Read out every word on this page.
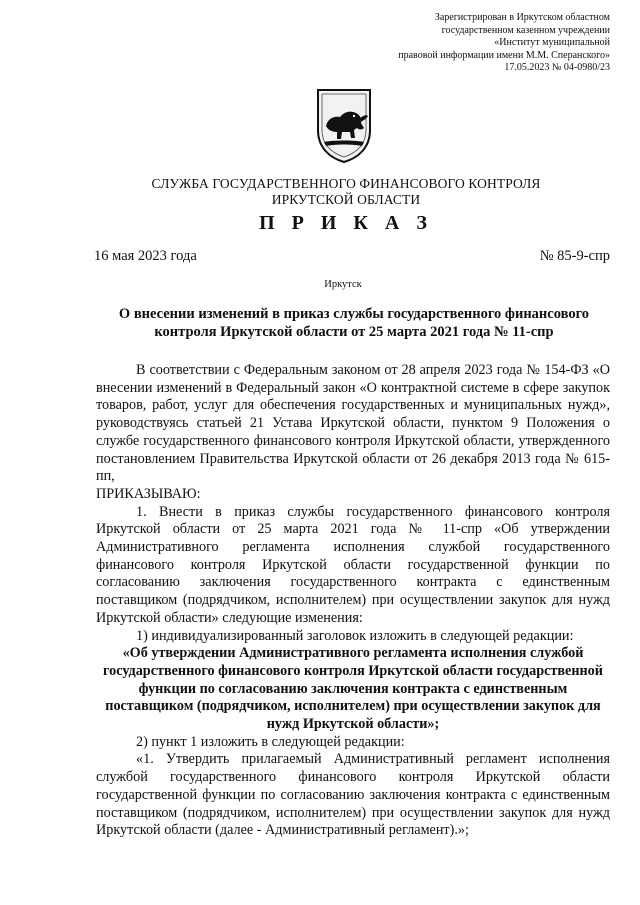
Зарегистрирован в Иркутском областном
государственном казенном учреждении
«Институт муниципальной
правовой информации имени М.М. Сперанского»
17.05.2023 № 04-0980/23
СЛУЖБА ГОСУДАРСТВЕННОГО ФИНАНСОВОГО КОНТРОЛЯ
ИРКУТСКОЙ ОБЛАСТИ
П Р И К А З
16 мая 2023 года	№ 85-9-спр
Иркутск
О внесении изменений в приказ службы государственного финансового контроля Иркутской области от 25 марта 2021 года № 11-спр

В соответствии с Федеральным законом от 28 апреля 2023 года № 154-ФЗ «О внесении изменений в Федеральный закон «О контрактной системе в сфере закупок товаров, работ, услуг для обеспечения государственных и муниципальных нужд», руководствуясь статьей 21 Устава Иркутской области, пунктом 9 Положения о службе государственного финансового контроля Иркутской области, утвержденного постановлением Правительства Иркутской области от 26 декабря 2013 года № 615-пп,

ПРИКАЗЫВАЮ:

1. Внести в приказ службы государственного финансового контроля Иркутской области от 25 марта 2021 года № 11-спр «Об утверждении Административного регламента исполнения службой государственного финансового контроля Иркутской области государственной функции по согласованию заключения государственного контракта с единственным поставщиком (подрядчиком, исполнителем) при осуществлении закупок для нужд Иркутской области» следующие изменения:

1) индивидуализированный заголовок изложить в следующей редакции:

«Об утверждении Административного регламента исполнения службой государственного финансового контроля Иркутской области государственной функции по согласованию заключения контракта с единственным поставщиком (подрядчиком, исполнителем) при осуществлении закупок для нужд Иркутской области»;

2) пункт 1 изложить в следующей редакции:

«1. Утвердить прилагаемый Административный регламент исполнения службой государственного финансового контроля Иркутской области государственной функции по согласованию заключения контракта с единственным поставщиком (подрядчиком, исполнителем) при осуществлении закупок для нужд Иркутской области (далее - Административный регламент).»;
